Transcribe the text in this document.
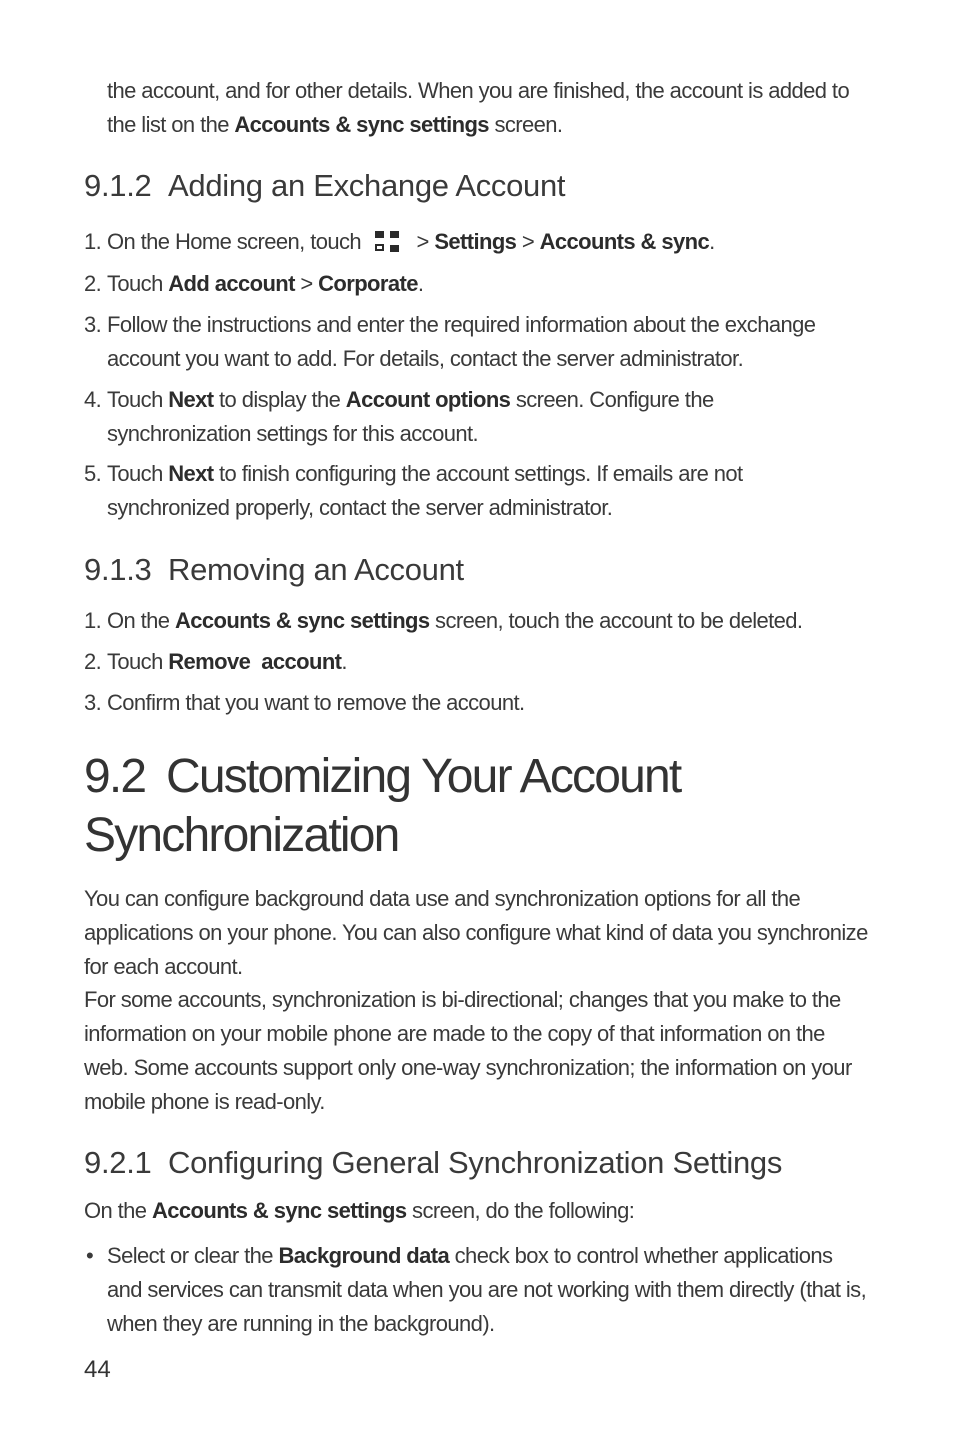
the account, and for other details. When you are finished, the account is added to
the list on the Accounts & sync settings screen.
9.1.2 Adding an Exchange Account
1. On the Home screen, touch
> Settings > Accounts & sync.
2. Touch Add account > Corporate.
3. Follow the instructions and enter the required information about the exchange
account you want to add. For details, contact the server administrator.
4. Touch Next to display the Account options screen. Configure the
synchronization settings for this account.
5. Touch Next to finish configuring the account settings. If emails are not
synchronized properly, contact the server administrator.
9.1.3 Removing an Account
1. On the Accounts & sync settings screen, touch the account to be deleted.
2. Touch Remove  account.
3. Confirm that you want to remove the account.
9.2 Customizing Your Account
Synchronization
You can configure background data use and synchronization options for all the
applications on your phone. You can also configure what kind of data you synchronize
for each account.
For some accounts, synchronization is bi-directional; changes that you make to the
information on your mobile phone are made to the copy of that information on the
web. Some accounts support only one-way synchronization; the information on your
mobile phone is read-only.
9.2.1 Configuring General Synchronization Settings
On the Accounts & sync settings screen, do the following:
• Select or clear the Background data check box to control whether applications
and services can transmit data when you are not working with them directly (that is,
when they are running in the background).
44
